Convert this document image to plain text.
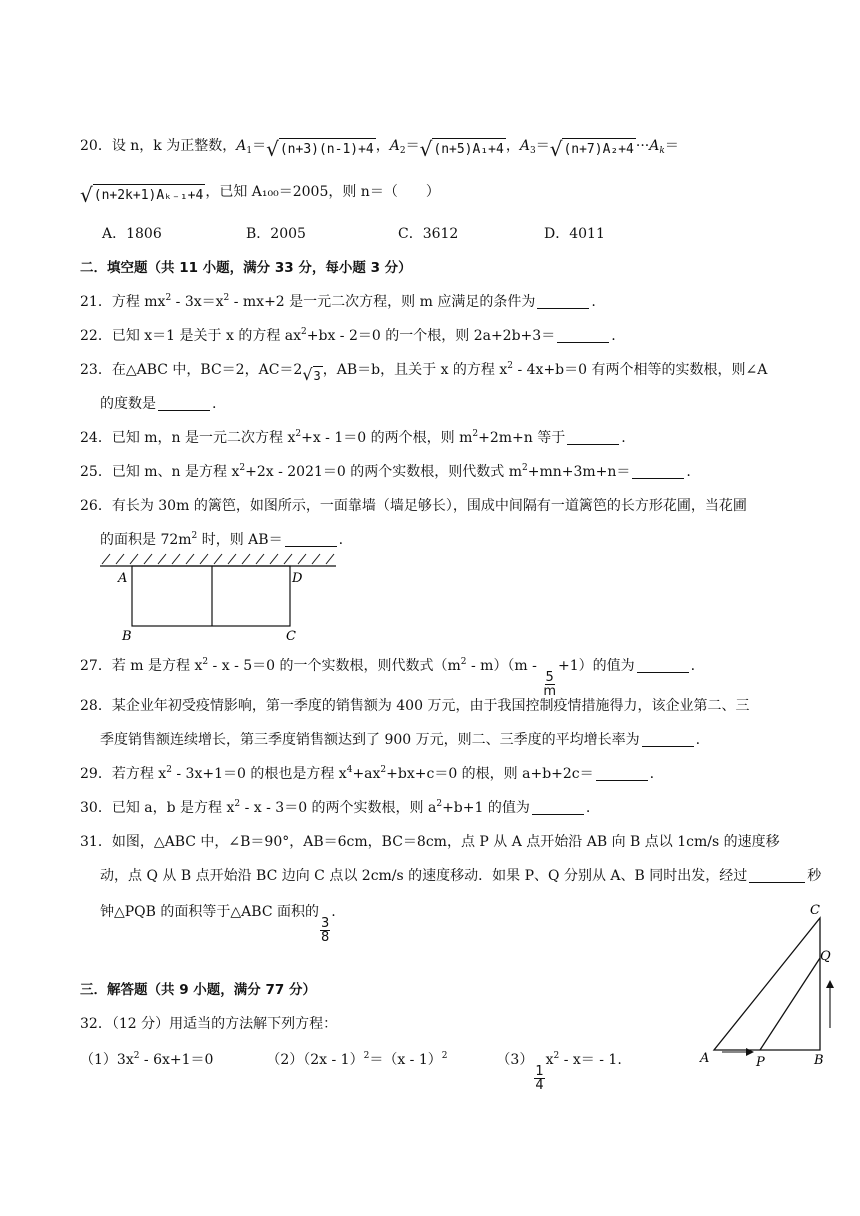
20．设 n，k 为正整数，$A_1=$ √ (n+3)(n-1)+4 ，$A_2=$ √ (n+5)A₁+4 ，$A_3=$ √ $(n+7)A_2+4 \cdot\cdot\cdot A_k=$
√ (n+2k+1)Aₖ₋₁+4 ，已知 A₁₀₀＝2005，则 n＝（　　）
A．1806	B．2005	C．3612	D．4011
二．填空题（共 11 小题，满分 33 分，每小题 3 分）
21．方程 $mx^2 - 3x=x^2 - mx+2$ 是一元二次方程，则 m 应满足的条件为	.
22．已知 x＝1 是关于 x 的方程 $ax^2+bx - 2=0$ 的一个根，则 2a+2b+3＝	.
23．在△ABC 中，BC＝2，AC＝2 √ 3 ，AB＝b，且关于 x 的方程 $x^2 - 4x+b=0$ 有两个相等的实数根，则∠A
的度数是	.
24．已知 m，n 是一元二次方程 $x^2+x - 1=0$ 的两个根，则 $m^2+2m+n$ 等于	.
25．已知 m、n 是方程 $x^2+2x - 2021=0$ 的两个实数根，则代数式 $m^2+mn+3m+n=$	.
26．有长为 30m 的篱笆，如图所示，一面靠墙（墙足够长），围成中间隔有一道篱笆的长方形花圃，当花圃
的面积是 $72m^2$ 时，则 AB＝	.
A	D
B	C
27．若 m 是方程 $x^2 - x - 5=0$ 的一个实数根，则代数式$(m^2 - m)(m$ -
$\frac{5}{m}$
+1）的值为	.
28．某企业年初受疫情影响，第一季度的销售额为 400 万元，由于我国控制疫情措施得力，该企业第二、三
季度销售额连续增长，第三季度销售额达到了 900 万元，则二、三季度的平均增长率为	.
29．若方程 $x^2 - 3x+1=0$ 的根也是方程 $x^4+ax^2+bx+c=0$ 的根，则 a+b+2c＝	.
30．已知 a，b 是方程 $x^2 - x - 3=0$ 的两个实数根，则 $a^2+b+1$ 的值为	.
31．如图，△ABC 中，∠B＝90°，AB＝6cm，BC＝8cm，点 P 从 A 点开始沿 AB 向 B 点以 1cm/s 的速度移
动，点 Q 从 B 点开始沿 BC 边向 C 点以 2cm/s 的速度移动．如果 P、Q 分别从 A、B 同时出发，经过	秒
钟△PQB 的面积等于△ABC 面积的
$\frac{3}{8}$
.	C
Q
A	P	B
三．解答题（共 9 小题，满分 77 分）
32．（12 分）用适当的方法解下列方程：
$(1)3x^2 - 6x+1=0$	（2）（2x - 1）$^2$＝（x - 1）$^2$	（3）
$\frac{1}{4}$
$x^2 - x= - 1$.
